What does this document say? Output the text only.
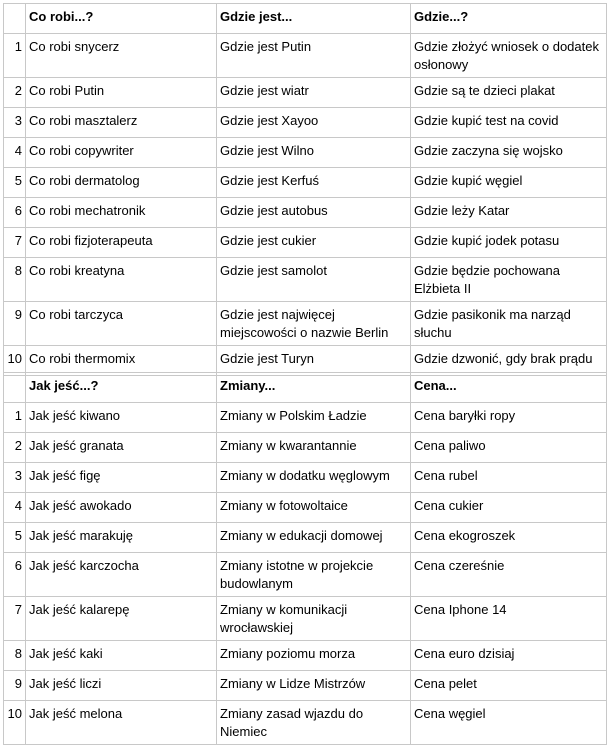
	Co robi...?	Gdzie jest...	Gdzie...?
1	Co robi snycerz	Gdzie jest Putin	Gdzie złożyć wniosek o dodatek osłonowy
2	Co robi Putin	Gdzie jest wiatr	Gdzie są te dzieci plakat
3	Co robi masztalerz	Gdzie jest Xayoo	Gdzie kupić test na covid
4	Co robi copywriter	Gdzie jest Wilno	Gdzie zaczyna się wojsko
5	Co robi dermatolog	Gdzie jest Kerfuś	Gdzie kupić węgiel
6	Co robi mechatronik	Gdzie jest autobus	Gdzie leży Katar
7	Co robi fizjoterapeuta	Gdzie jest cukier	Gdzie kupić jodek potasu
8	Co robi kreatyna	Gdzie jest samolot	Gdzie będzie pochowana Elżbieta II
9	Co robi tarczyca	Gdzie jest najwięcej miejscowości o nazwie Berlin	Gdzie pasikonik ma narząd słuchu
10	Co robi thermomix	Gdzie jest Turyn	Gdzie dzwonić, gdy brak prądu
	Jak jeść...?	Zmiany...	Cena...
1	Jak jeść kiwano	Zmiany w Polskim Ładzie	Cena baryłki ropy
2	Jak jeść granata	Zmiany w kwarantannie	Cena paliwo
3	Jak jeść figę	Zmiany w dodatku węglowym	Cena rubel
4	Jak jeść awokado	Zmiany w fotowoltaice	Cena cukier
5	Jak jeść marakuję	Zmiany w edukacji domowej	Cena ekogroszek
6	Jak jeść karczocha	Zmiany istotne w projekcie budowlanym	Cena czereśnie
7	Jak jeść kalarepę	Zmiany w komunikacji wrocławskiej	Cena Iphone 14
8	Jak jeść kaki	Zmiany poziomu morza	Cena euro dzisiaj
9	Jak jeść liczi	Zmiany w Lidze Mistrzów	Cena pelet
10	Jak jeść melona	Zmiany zasad wjazdu do Niemiec	Cena węgiel
